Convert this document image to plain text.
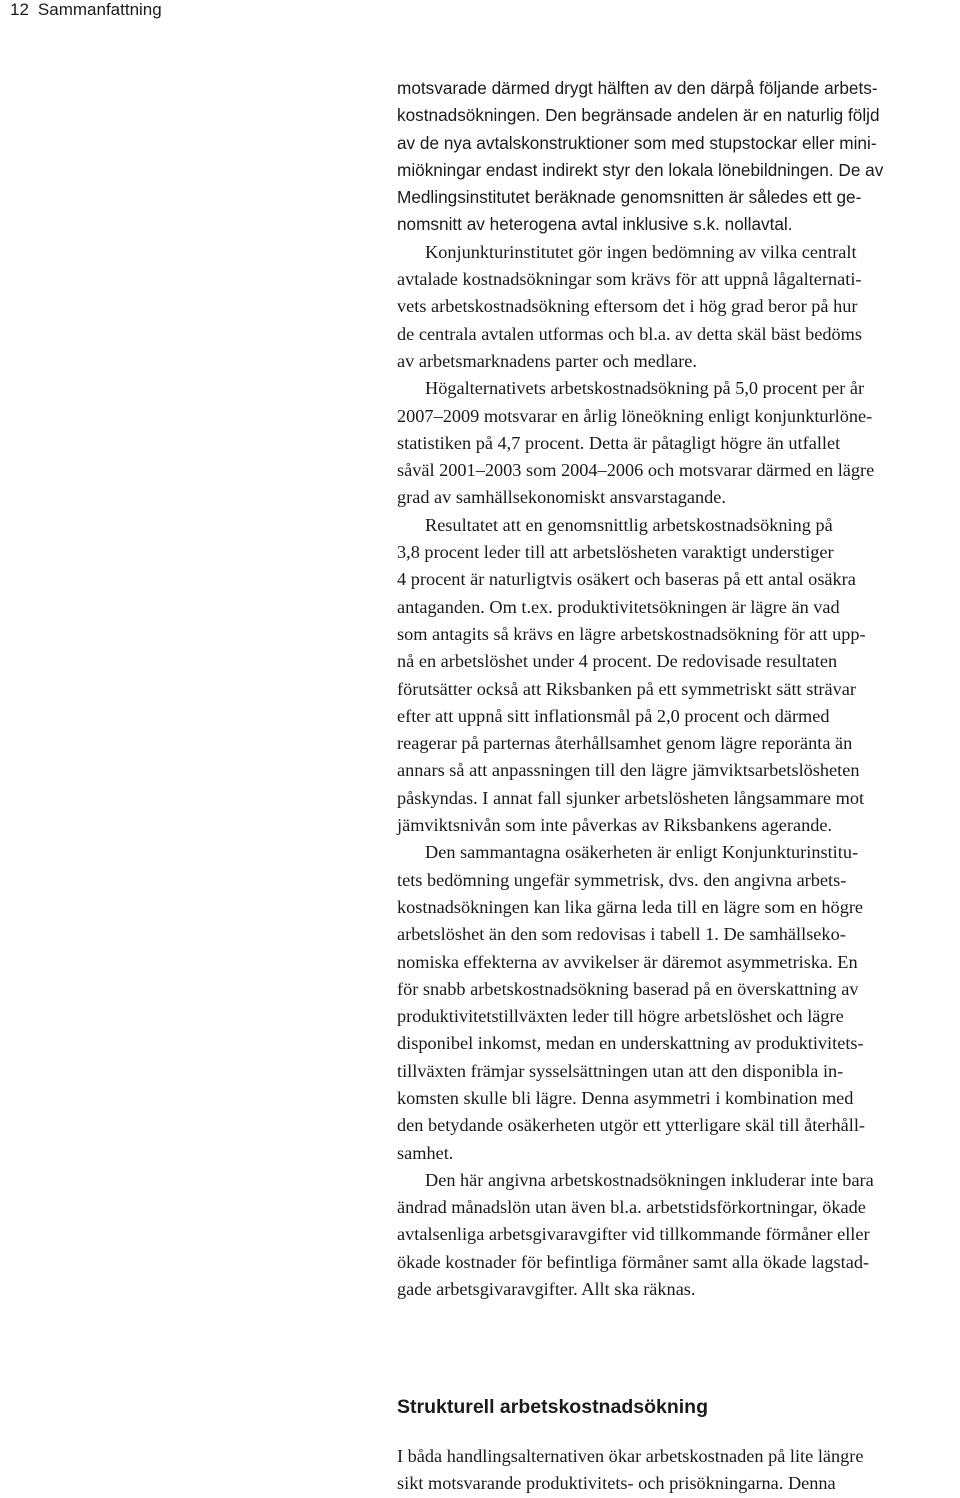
12 Sammanfattning
motsvarade därmed drygt hälften av den därpå följande arbets-
kostnadsökningen. Den begränsade andelen är en naturlig följd
av de nya avtalskonstruktioner som med stupstockar eller mini-
miökningar endast indirekt styr den lokala lönebildningen. De av
Medlingsinstitutet beräknade genomsnitten är således ett ge-
nomsnitt av heterogena avtal inklusive s.k. nollavtal.
Konjunkturinstitutet gör ingen bedömning av vilka centralt
avtalade kostnadsökningar som krävs för att uppnå lågalternati-
vets arbetskostnadsökning eftersom det i hög grad beror på hur
de centrala avtalen utformas och bl.a. av detta skäl bäst bedöms
av arbetsmarknadens parter och medlare.
Högalternativets arbetskostnadsökning på 5,0 procent per år
2007–2009 motsvarar en årlig löneökning enligt konjunkturlöne-
statistiken på 4,7 procent. Detta är påtagligt högre än utfallet
såväl 2001–2003 som 2004–2006 och motsvarar därmed en lägre
grad av samhällsekonomiskt ansvarstagande.
Resultatet att en genomsnittlig arbetskostnadsökning på
3,8 procent leder till att arbetslösheten varaktigt understiger
4 procent är naturligtvis osäkert och baseras på ett antal osäkra
antaganden. Om t.ex. produktivitetsökningen är lägre än vad
som antagits så krävs en lägre arbetskostnadsökning för att upp-
nå en arbetslöshet under 4 procent. De redovisade resultaten
förutsätter också att Riksbanken på ett symmetriskt sätt strävar
efter att uppnå sitt inflationsmål på 2,0 procent och därmed
reagerar på parternas återhållsamhet genom lägre reporänta än
annars så att anpassningen till den lägre jämviktsarbetslösheten
påskyndas. I annat fall sjunker arbetslösheten långsammare mot
jämviktsnivån som inte påverkas av Riksbankens agerande.
Den sammantagna osäkerheten är enligt Konjunkturinstitu-
tets bedömning ungefär symmetrisk, dvs. den angivna arbets-
kostnadsökningen kan lika gärna leda till en lägre som en högre
arbetslöshet än den som redovisas i tabell 1. De samhällseko-
nomiska effekterna av avvikelser är däremot asymmetriska. En
för snabb arbetskostnadsökning baserad på en överskattning av
produktivitetstillväxten leder till högre arbetslöshet och lägre
disponibel inkomst, medan en underskattning av produktivitets-
tillväxten främjar sysselsättningen utan att den disponibla in-
komsten skulle bli lägre. Denna asymmetri i kombination med
den betydande osäkerheten utgör ett ytterligare skäl till återhåll-
samhet.
Den här angivna arbetskostnadsökningen inkluderar inte bara
ändrad månadslön utan även bl.a. arbetstidsförkortningar, ökade
avtalsenliga arbetsgivaravgifter vid tillkommande förmåner eller
ökade kostnader för befintliga förmåner samt alla ökade lagstad-
gade arbetsgivaravgifter. Allt ska räknas.
Strukturell arbetskostnadsökning
I båda handlingsalternativen ökar arbetskostnaden på lite längre
sikt motsvarande produktivitets- och prisökningarna. Denna
